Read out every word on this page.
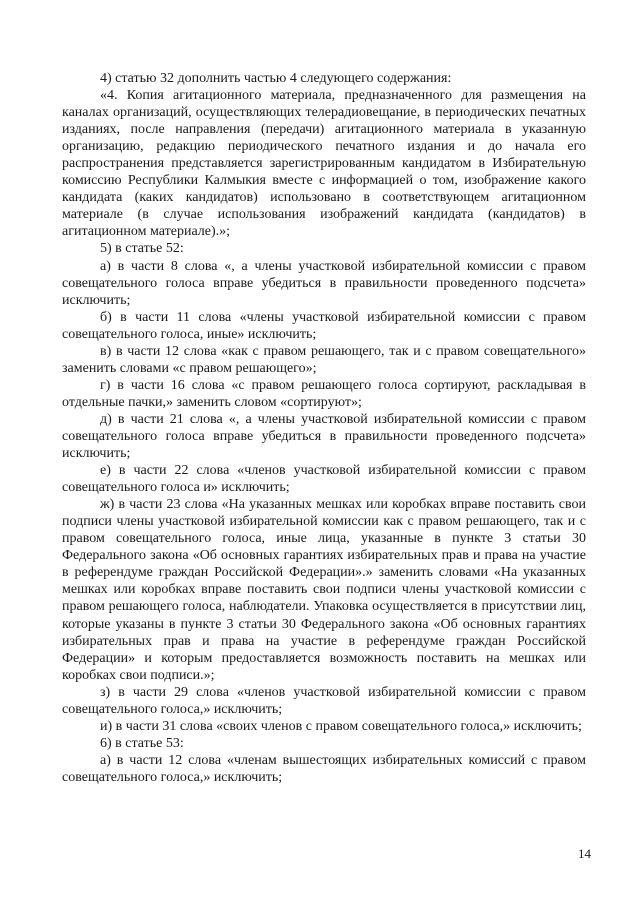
4) статью 32 дополнить частью 4 следующего содержания:

«4. Копия агитационного материала, предназначенного для размещения на каналах организаций, осуществляющих телерадиовещание, в периодических печатных изданиях, после направления (передачи) агитационного материала в указанную организацию, редакцию периодического печатного издания и до начала его распространения представляется зарегистрированным кандидатом в Избирательную комиссию Республики Калмыкия вместе с информацией о том, изображение какого кандидата (каких кандидатов) использовано в соответствующем агитационном материале (в случае использования изображений кандидата (кандидатов) в агитационном материале).»;

5) в статье 52:

а) в части 8 слова «, а члены участковой избирательной комиссии с правом совещательного голоса вправе убедиться в правильности проведенного подсчета» исключить;

б) в части 11 слова «члены участковой избирательной комиссии с правом совещательного голоса, иные» исключить;

в) в части 12 слова «как с правом решающего, так и с правом совещательного» заменить словами «с правом решающего»;

г) в части 16 слова «с правом решающего голоса сортируют, раскладывая в отдельные пачки,» заменить словом «сортируют»;

д) в части 21 слова «, а члены участковой избирательной комиссии с правом совещательного голоса вправе убедиться в правильности проведенного подсчета» исключить;

е) в части 22 слова «членов участковой избирательной комиссии с правом совещательного голоса и» исключить;

ж) в части 23 слова «На указанных мешках или коробках вправе поставить свои подписи члены участковой избирательной комиссии как с правом решающего, так и с правом совещательного голоса, иные лица, указанные в пункте 3 статьи 30 Федерального закона «Об основных гарантиях избирательных прав и права на участие в референдуме граждан Российской Федерации».» заменить словами «На указанных мешках или коробках вправе поставить свои подписи члены участковой комиссии с правом решающего голоса, наблюдатели. Упаковка осуществляется в присутствии лиц, которые указаны в пункте 3 статьи 30 Федерального закона «Об основных гарантиях избирательных прав и права на участие в референдуме граждан Российской Федерации» и которым предоставляется возможность поставить на мешках или коробках свои подписи.»;

з) в части 29 слова «членов участковой избирательной комиссии с правом совещательного голоса,» исключить;

и) в части 31 слова «своих членов с правом совещательного голоса,» исключить;

6) в статье 53:

а) в части 12 слова «членам вышестоящих избирательных комиссий с правом совещательного голоса,» исключить;

14
